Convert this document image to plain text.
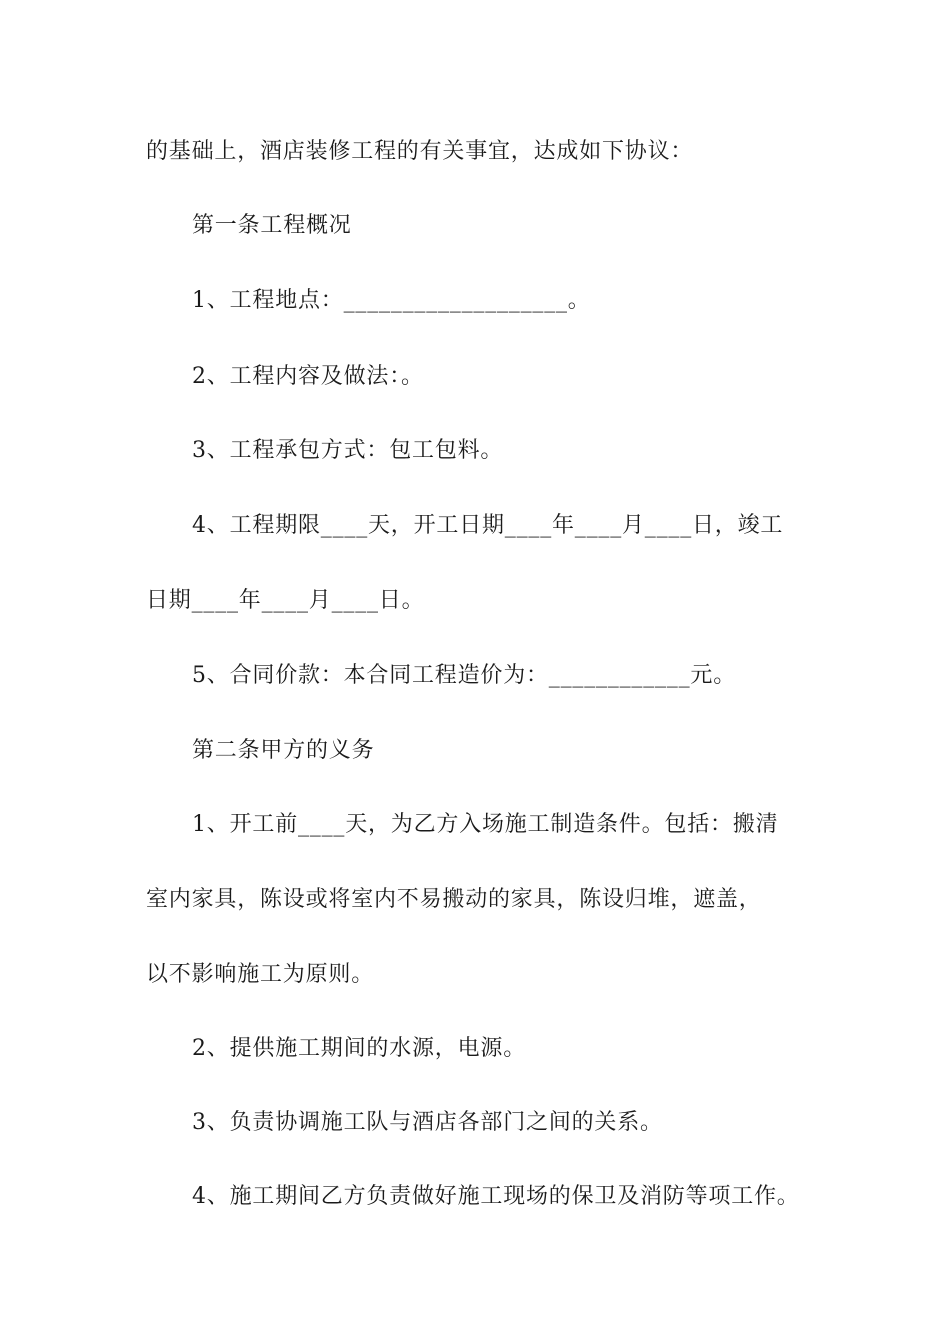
的基础上，酒店装修工程的有关事宜，达成如下协议：
第一条工程概况
1、工程地点：___________________。
2、工程内容及做法：。
3、工程承包方式：包工包料。
4、工程期限____天，开工日期____年____月____日，竣工
日期____年____月____日。
5、合同价款：本合同工程造价为：____________元。
第二条甲方的义务
1、开工前____天，为乙方入场施工制造条件。包括：搬清
室内家具，陈设或将室内不易搬动的家具，陈设归堆，遮盖，
以不影响施工为原则。
2、提供施工期间的水源，电源。
3、负责协调施工队与酒店各部门之间的关系。
4、施工期间乙方负责做好施工现场的保卫及消防等项工作。
